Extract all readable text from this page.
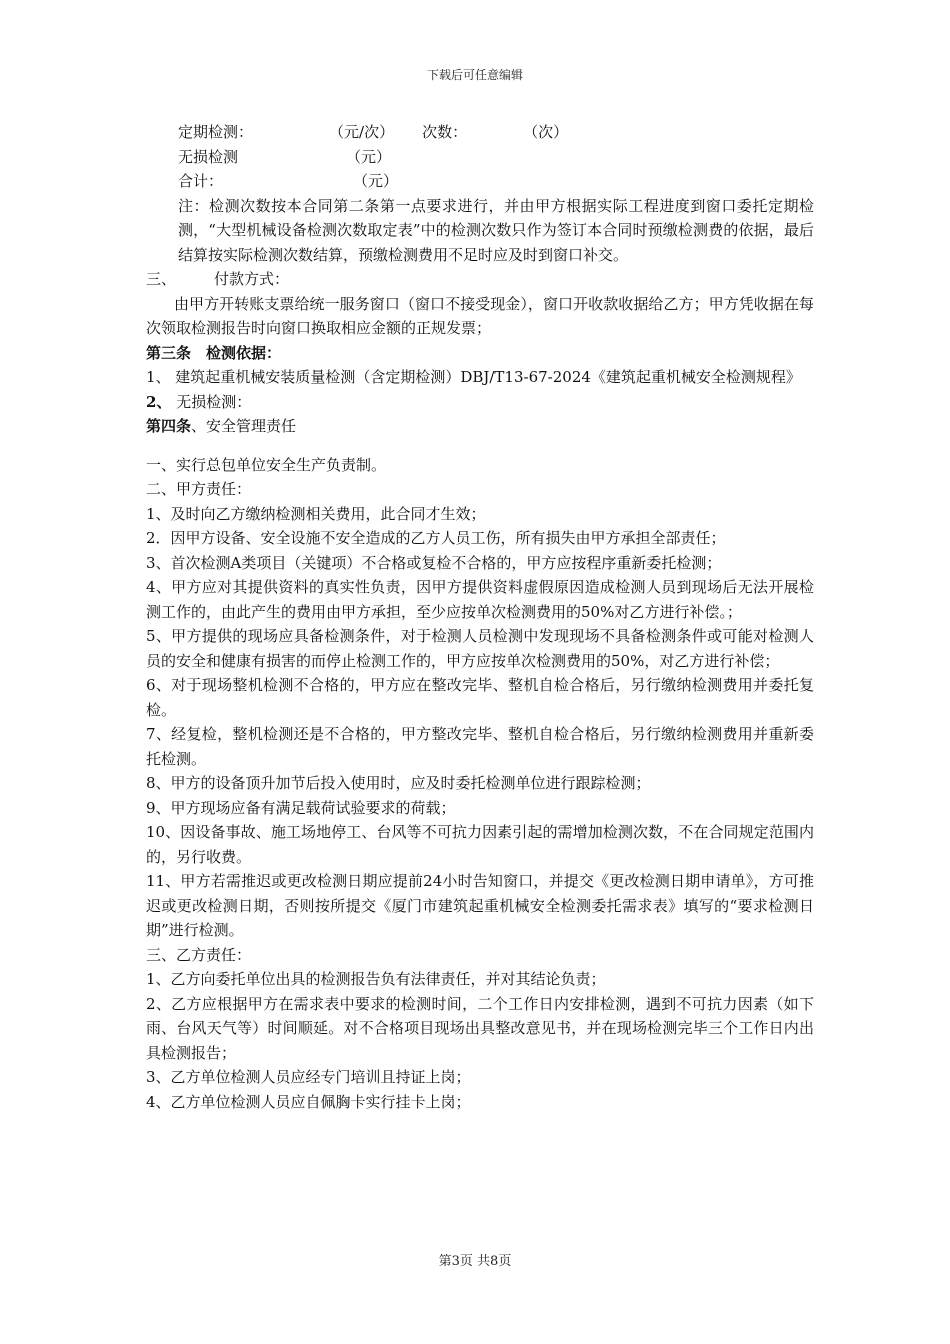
下载后可任意编辑
定期检测：	（元/次） 次数：	（次）
无损检测	（元）
合计：	（元）
注：检测次数按本合同第二条第一点要求进行，并由甲方根据实际工程进度到窗口委托定期检测，“大型机械设备检测次数取定表”中的检测次数只作为签订本合同时预缴检测费的依据，最后结算按实际检测次数结算，预缴检测费用不足时应及时到窗口补交。
三、	付款方式：
由甲方开转账支票给统一服务窗口（窗口不接受现金），窗口开收款收据给乙方；甲方凭收据在每次领取检测报告时向窗口换取相应金额的正规发票；
第三条　检测依据：
1、 建筑起重机械安装质量检测（含定期检测）DBJ/T13-67-2024《建筑起重机械安全检测规程》
2、 无损检测：
第四条、安全管理责任
一、实行总包单位安全生产负责制。
二、甲方责任：
1、及时向乙方缴纳检测相关费用，此合同才生效；
2．因甲方设备、安全设施不安全造成的乙方人员工伤，所有损失由甲方承担全部责任；
3、首次检测A类项目（关键项）不合格或复检不合格的，甲方应按程序重新委托检测；
4、甲方应对其提供资料的真实性负责，因甲方提供资料虚假原因造成检测人员到现场后无法开展检测工作的，由此产生的费用由甲方承担，至少应按单次检测费用的50%对乙方进行补偿。；
5、甲方提供的现场应具备检测条件，对于检测人员检测中发现现场不具备检测条件或可能对检测人员的安全和健康有损害的而停止检测工作的，甲方应按单次检测费用的50%，对乙方进行补偿；
6、对于现场整机检测不合格的，甲方应在整改完毕、整机自检合格后，另行缴纳检测费用并委托复检。
7、经复检，整机检测还是不合格的，甲方整改完毕、整机自检合格后，另行缴纳检测费用并重新委托检测。
8、甲方的设备顶升加节后投入使用时，应及时委托检测单位进行跟踪检测；
9、甲方现场应备有满足载荷试验要求的荷载；
10、因设备事故、施工场地停工、台风等不可抗力因素引起的需增加检测次数，不在合同规定范围内的，另行收费。
11、甲方若需推迟或更改检测日期应提前24小时告知窗口，并提交《更改检测日期申请单》，方可推迟或更改检测日期，否则按所提交《厦门市建筑起重机械安全检测委托需求表》填写的“要求检测日期”进行检测。
三、乙方责任：
1、乙方向委托单位出具的检测报告负有法律责任，并对其结论负责；
2、乙方应根据甲方在需求表中要求的检测时间，二个工作日内安排检测，遇到不可抗力因素（如下雨、台风天气等）时间顺延。对不合格项目现场出具整改意见书，并在现场检测完毕三个工作日内出具检测报告；
3、乙方单位检测人员应经专门培训且持证上岗；
4、乙方单位检测人员应自佩胸卡实行挂卡上岗；
第3页 共8页
